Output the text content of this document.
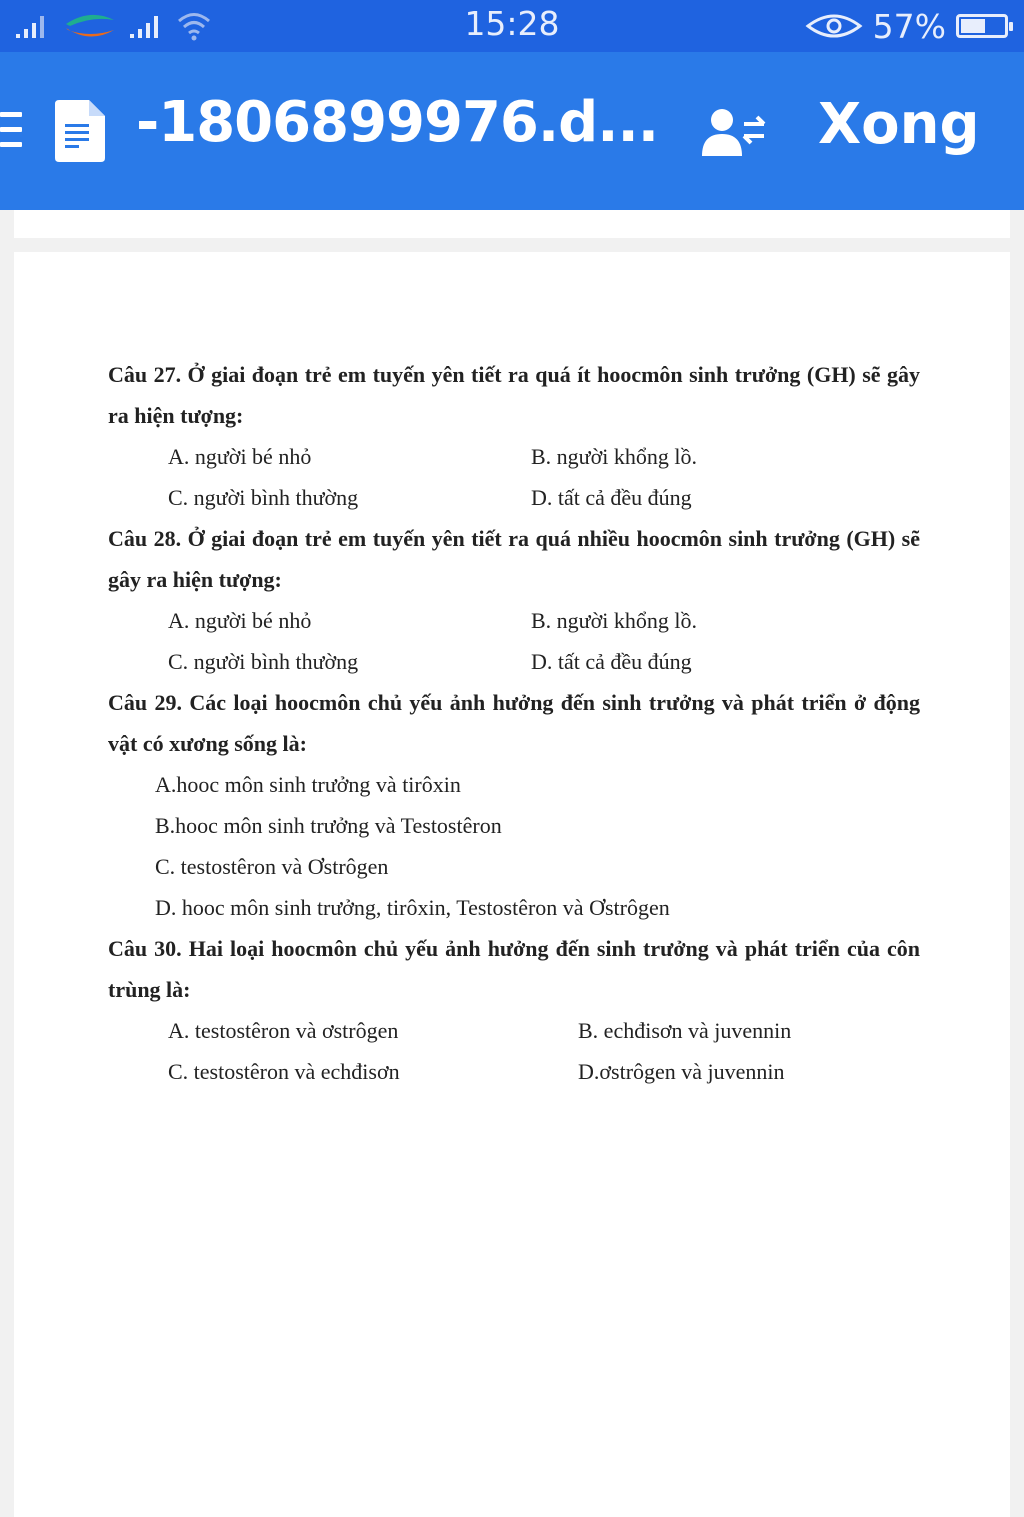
15:28	57%
-1806899976.d...	Xong
Câu 27. Ở giai đoạn trẻ em tuyến yên tiết ra quá ít hoocmôn sinh trưởng (GH) sẽ gây ra hiện tượng:
A. người bé nhỏ	B. người khổng lồ.
C. người bình thường	D. tất cả đều đúng
Câu 28. Ở giai đoạn trẻ em tuyến yên tiết ra quá nhiều hoocmôn sinh trưởng (GH) sẽ gây ra hiện tượng:
A. người bé nhỏ	B. người khổng lồ.
C. người bình thường	D. tất cả đều đúng
Câu 29. Các loại hoocmôn chủ yếu ảnh hưởng đến sinh trưởng và phát triển ở động vật có xương sống là:
A.hooc môn sinh trưởng và tirôxin
B.hooc môn sinh trưởng và Testostêron
C. testostêron và Ơstrôgen
D. hooc môn sinh trưởng, tirôxin, Testostêron và Ơstrôgen
Câu 30. Hai loại hoocmôn chủ yếu ảnh hưởng đến sinh trưởng và phát triển của côn trùng là:
A. testostêron và ơstrôgen	B. echđisơn và juvennin
C. testostêron và echđisơn	D.ơstrôgen và juvennin
